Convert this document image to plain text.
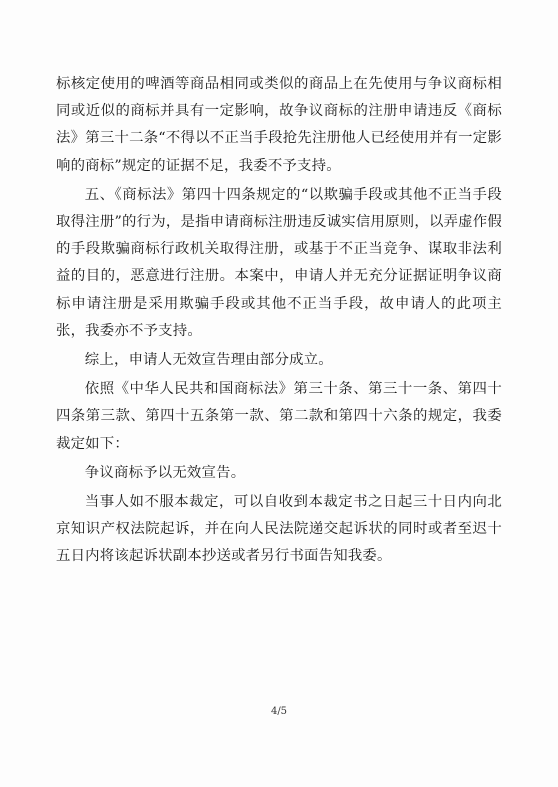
标核定使用的啤酒等商品相同或类似的商品上在先使用与争议商标相同或近似的商标并具有一定影响，故争议商标的注册申请违反《商标法》第三十二条“不得以不正当手段抢先注册他人已经使用并有一定影响的商标”规定的证据不足，我委不予支持。

五、《商标法》第四十四条规定的“以欺骗手段或其他不正当手段取得注册”的行为，是指申请商标注册违反诚实信用原则，以弄虚作假的手段欺骗商标行政机关取得注册，或基于不正当竞争、谋取非法利益的目的，恶意进行注册。本案中，申请人并无充分证据证明争议商标申请注册是采用欺骗手段或其他不正当手段，故申请人的此项主张，我委亦不予支持。

综上，申请人无效宣告理由部分成立。

依照《中华人民共和国商标法》第三十条、第三十一条、第四十四条第三款、第四十五条第一款、第二款和第四十六条的规定，我委裁定如下：

争议商标予以无效宣告。

当事人如不服本裁定，可以自收到本裁定书之日起三十日内向北京知识产权法院起诉，并在向人民法院递交起诉状的同时或者至迟十五日内将该起诉状副本抄送或者另行书面告知我委。

4/5
